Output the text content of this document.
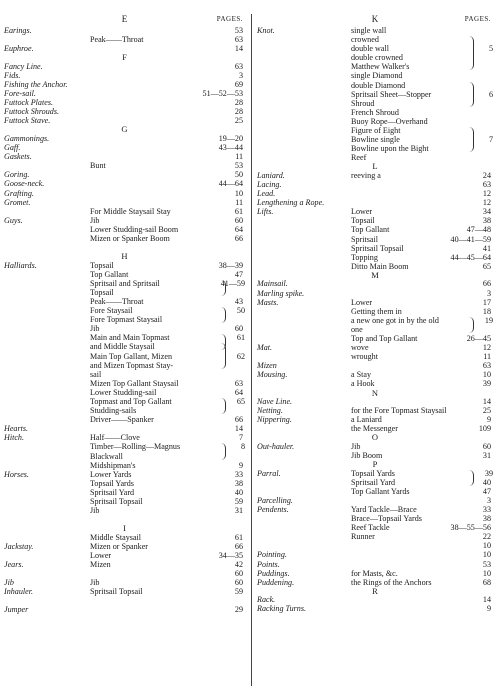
E	PAGES.
Earings.	53
Peak——Throat	63
Euphroe.	14
F
Fancy Line.	63
Fids.	3
Fishing the Anchor.	69
Fore-sail.	51—52—53
Futtock Plates.	28
Futtock Shrouds.	28
Futtock Stave.	25
G
Gammonings.	19—20
Gaff.	43—44
Gaskets.	11
Bunt	53
Goring.	50
Goose-neck.	44—64
Grafting.	10
Gromet.	11
For Middle Staysail Stay	61
Guys.	Jib	60
Lower Studding-sail Boom	64
Mizen or Spanker Boom	66
H
Halliards.	Topsail	38—39
Top Gallant	47
Spritsail and Spritsail	41—59
Topsail
Peak——Throat	43
Fore Staysail	50
Fore Topmast Staysail
Jib	60
Main and Main Topmast	61
and Middle Staysail
Main Top Gallant, Mizen	62
and Mizen Topmast Stay-
sail
Mizen Top Gallant Staysail	63
Lower Studding-sail	64
Topmast and Top Gallant	65
Studding-sails
Driver——Spanker	66
Hearts.	14
Hitch.	Half——Clove	7
Timber—Rolling—Magnus	8
Blackwall
Midshipman's	9
Horses.	Lower Yards	33
Topsail Yards	38
Spritsail Yard	40
Spritsail Topsail	59
Jib	31
I
Middle Staysail	61
Jackstay.	Mizen or Spanker	66
Lower	34—35
Jears.	Mizen	42
60
Jib	Jib	60
Inhauler.	Spritsail Topsail	59
Jumper	29
K	PAGES.
Knot.	single wall
crowned
double wall	5
double crowned
Matthew Walker's
single Diamond
double Diamond
Spritsail Sheet—Stopper	6
Shroud
French Shroud
Buoy Rope—Overhand
Figure of Eight
Bowline single	7
Bowline upon the Bight
Reef
L
Laniard.	reeving a	24
Lacing.	63
Lead.	12
Lengthening a Rope.	12
Lifts.	Lower	34
Topsail	38
Top Gallant	47—48
Spritsail	40—41—59
Spritsail Topsail	41
Topping	44—45—64
Ditto Main Boom	65
M
Mainsail.	66
Marling spike.	3
Masts.	Lower	17
Getting them in	18
a new one got in by the old	19
one
Top and Top Gallant	26—45
Mat.	wove	12
wrought	11
Mizen	63
Mousing.	a Stay	10
a Hook	39
N
Nave Line.	14
Netting.	for the Fore Topmast Staysail	25
Nippering.	a Laniard	9
the Messenger	109
O
Out-hauler.	Jib	60
Jib Boom	31
P
Parral.	Topsail Yards	39
Spritsail Yard	40
Top Gallant Yards	47
Parcelling.	3
Pendents.	Yard Tackle—Brace	33
Brace—Topsail Yards	38
Reef Tackle	38—55—56
Runner	22
10
Pointing.	10
Points.	53
Puddings.	for Masts, &c.	10
Puddening.	the Rings of the Anchors	68
R
Rack.	14
Racking Turns.	9
